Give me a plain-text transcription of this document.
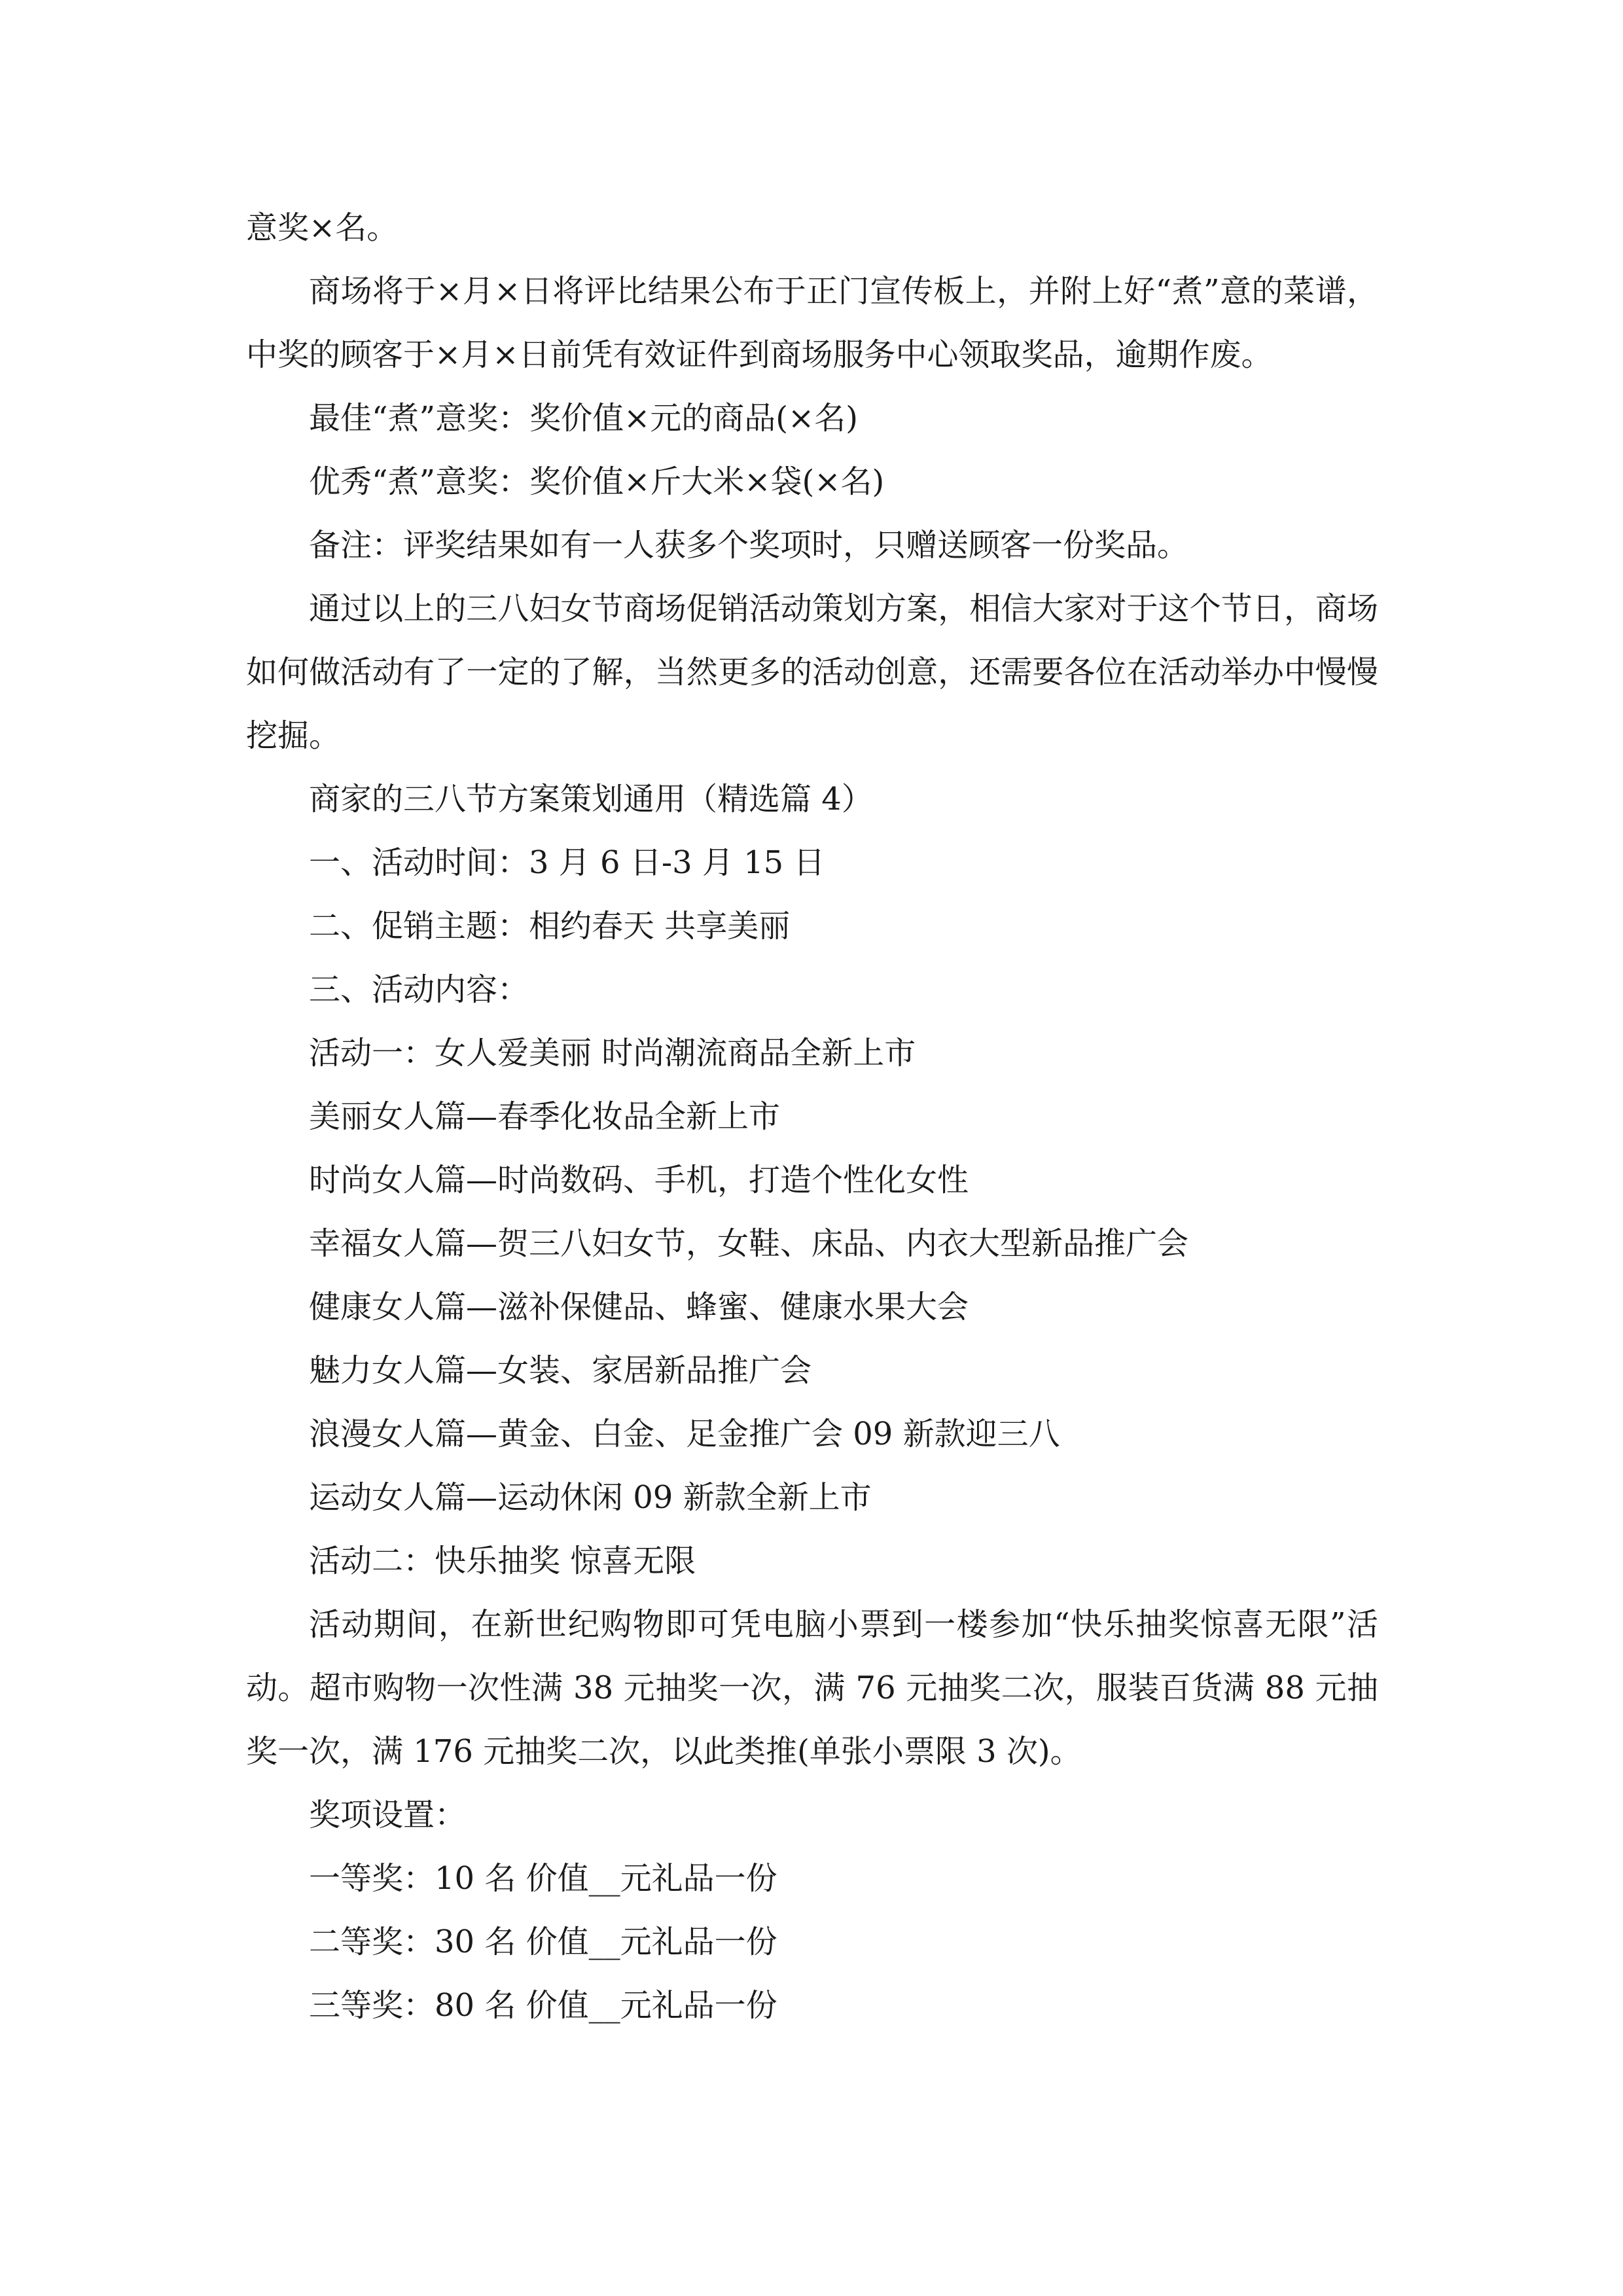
意奖×名。

商场将于×月×日将评比结果公布于正门宣传板上，并附上好“煮”意的菜谱，中奖的顾客于×月×日前凭有效证件到商场服务中心领取奖品，逾期作废。

最佳“煮”意奖：奖价值×元的商品(×名)

优秀“煮”意奖：奖价值×斤大米×袋(×名)

备注：评奖结果如有一人获多个奖项时，只赠送顾客一份奖品。

通过以上的三八妇女节商场促销活动策划方案，相信大家对于这个节日，商场如何做活动有了一定的了解，当然更多的活动创意，还需要各位在活动举办中慢慢挖掘。

商家的三八节方案策划通用（精选篇 4）

一、活动时间：3 月 6 日-3 月 15 日

二、促销主题：相约春天 共享美丽

三、活动内容：

活动一：女人爱美丽 时尚潮流商品全新上市

美丽女人篇—春季化妆品全新上市

时尚女人篇—时尚数码、手机，打造个性化女性

幸福女人篇—贺三八妇女节，女鞋、床品、内衣大型新品推广会

健康女人篇—滋补保健品、蜂蜜、健康水果大会

魅力女人篇—女装、家居新品推广会

浪漫女人篇—黄金、白金、足金推广会 09 新款迎三八

运动女人篇—运动休闲 09 新款全新上市

活动二：快乐抽奖 惊喜无限

活动期间，在新世纪购物即可凭电脑小票到一楼参加“快乐抽奖惊喜无限”活动。超市购物一次性满 38 元抽奖一次，满 76 元抽奖二次，服装百货满 88 元抽奖一次，满 176 元抽奖二次，以此类推(单张小票限 3 次)。

奖项设置：

一等奖：10 名 价值__元礼品一份

二等奖：30 名 价值__元礼品一份

三等奖：80 名 价值__元礼品一份
